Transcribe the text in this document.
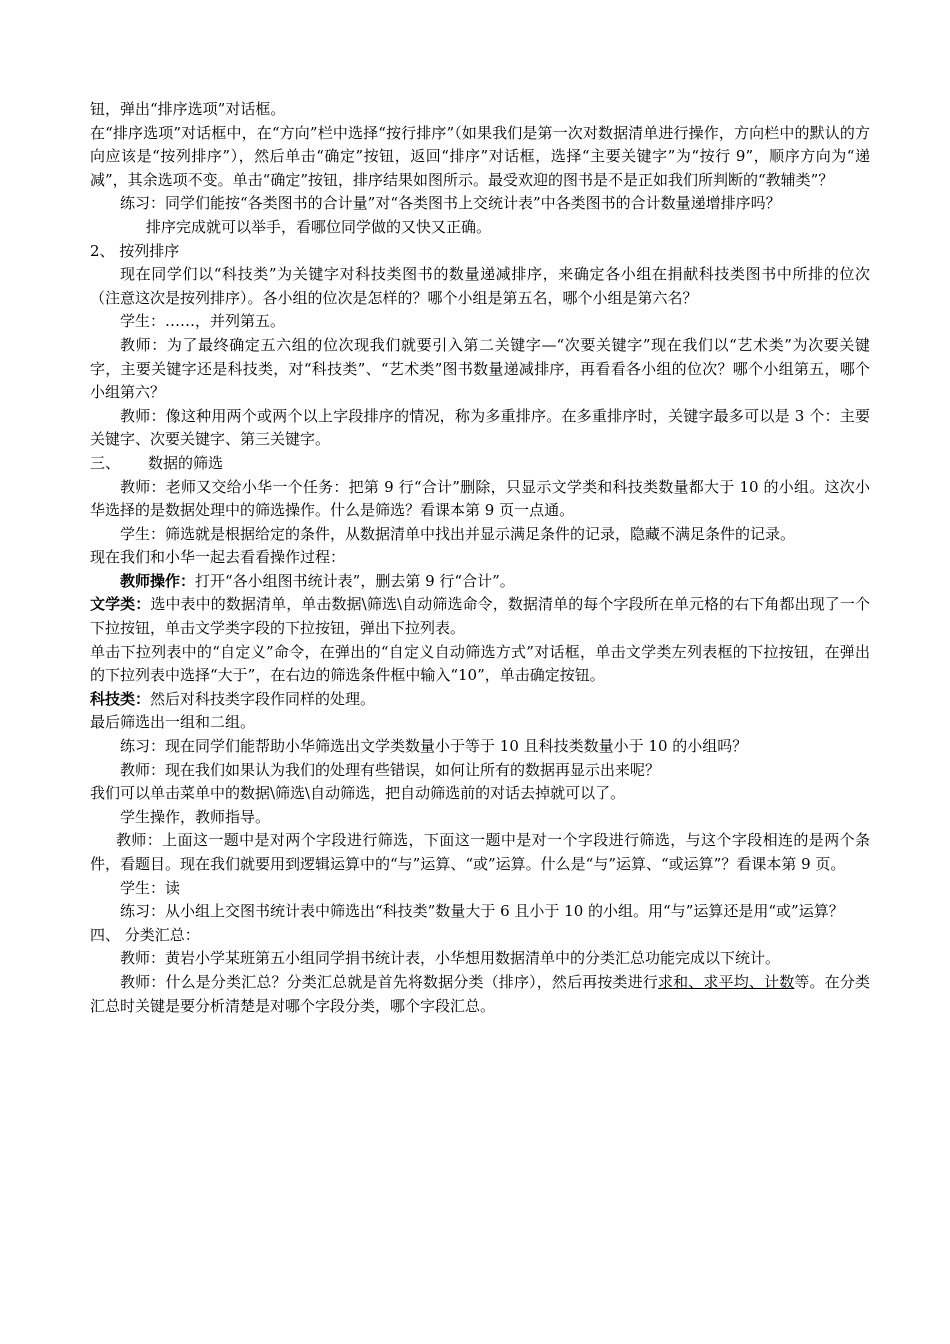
钮，弹出“排序选项”对话框。

在“排序选项”对话框中，在“方向”栏中选择“按行排序”（如果我们是第一次对数据清单进行操作，方向栏中的默认的方向应该是“按列排序”），然后单击“确定”按钮，返回“排序”对话框，选择“主要关键字”为“按行 9”，顺序方向为“递减”，其余选项不变。单击“确定”按钮，排序结果如图所示。最受欢迎的图书是不是正如我们所判断的“教辅类”？

练习：同学们能按“各类图书的合计量”对“各类图书上交统计表”中各类图书的合计数量递增排序吗？

排序完成就可以举手，看哪位同学做的又快又正确。

2、 按列排序

现在同学们以“科技类”为关键字对科技类图书的数量递减排序，来确定各小组在捐献科技类图书中所排的位次（注意这次是按列排序）。各小组的位次是怎样的？哪个小组是第五名，哪个小组是第六名？

学生：……，并列第五。

教师：为了最终确定五六组的位次现我们就要引入第二关键字—“次要关键字”现在我们以“艺术类”为次要关键字，主要关键字还是科技类，对“科技类”、“艺术类”图书数量递减排序，再看看各小组的位次？哪个小组第五，哪个小组第六？

教师：像这种用两个或两个以上字段排序的情况，称为多重排序。在多重排序时，关键字最多可以是 3 个：主要关键字、次要关键字、第三关键字。

三、 数据的筛选

教师：老师又交给小华一个任务：把第 9 行“合计”删除，只显示文学类和科技类数量都大于 10 的小组。这次小华选择的是数据处理中的筛选操作。什么是筛选？看课本第 9 页一点通。

学生：筛选就是根据给定的条件，从数据清单中找出并显示满足条件的记录，隐藏不满足条件的记录。

现在我们和小华一起去看看操作过程：

教师操作：打开“各小组图书统计表”，删去第 9 行“合计”。

文学类：选中表中的数据清单，单击数据\筛选\自动筛选命令，数据清单的每个字段所在单元格的右下角都出现了一个下拉按钮，单击文学类字段的下拉按钮，弹出下拉列表。

单击下拉列表中的“自定义”命令，在弹出的“自定义自动筛选方式”对话框，单击文学类左列表框的下拉按钮，在弹出的下拉列表中选择“大于”，在右边的筛选条件框中输入“10”，单击确定按钮。

科技类：然后对科技类字段作同样的处理。

最后筛选出一组和二组。

练习：现在同学们能帮助小华筛选出文学类数量小于等于 10 且科技类数量小于 10 的小组吗？

教师：现在我们如果认为我们的处理有些错误，如何让所有的数据再显示出来呢？

我们可以单击菜单中的数据\筛选\自动筛选，把自动筛选前的对话去掉就可以了。

学生操作，教师指导。

教师：上面这一题中是对两个字段进行筛选，下面这一题中是对一个字段进行筛选，与这个字段相连的是两个条件，看题目。现在我们就要用到逻辑运算中的“与”运算、“或”运算。什么是“与”运算、“或运算”？看课本第 9 页。

学生：读

练习：从小组上交图书统计表中筛选出“科技类”数量大于 6 且小于 10 的小组。用“与”运算还是用“或”运算？

四、 分类汇总：

教师：黄岩小学某班第五小组同学捐书统计表，小华想用数据清单中的分类汇总功能完成以下统计。

教师：什么是分类汇总？分类汇总就是首先将数据分类（排序），然后再按类进行求和、求平均、计数等。在分类汇总时关键是要分析清楚是对哪个字段分类，哪个字段汇总。
